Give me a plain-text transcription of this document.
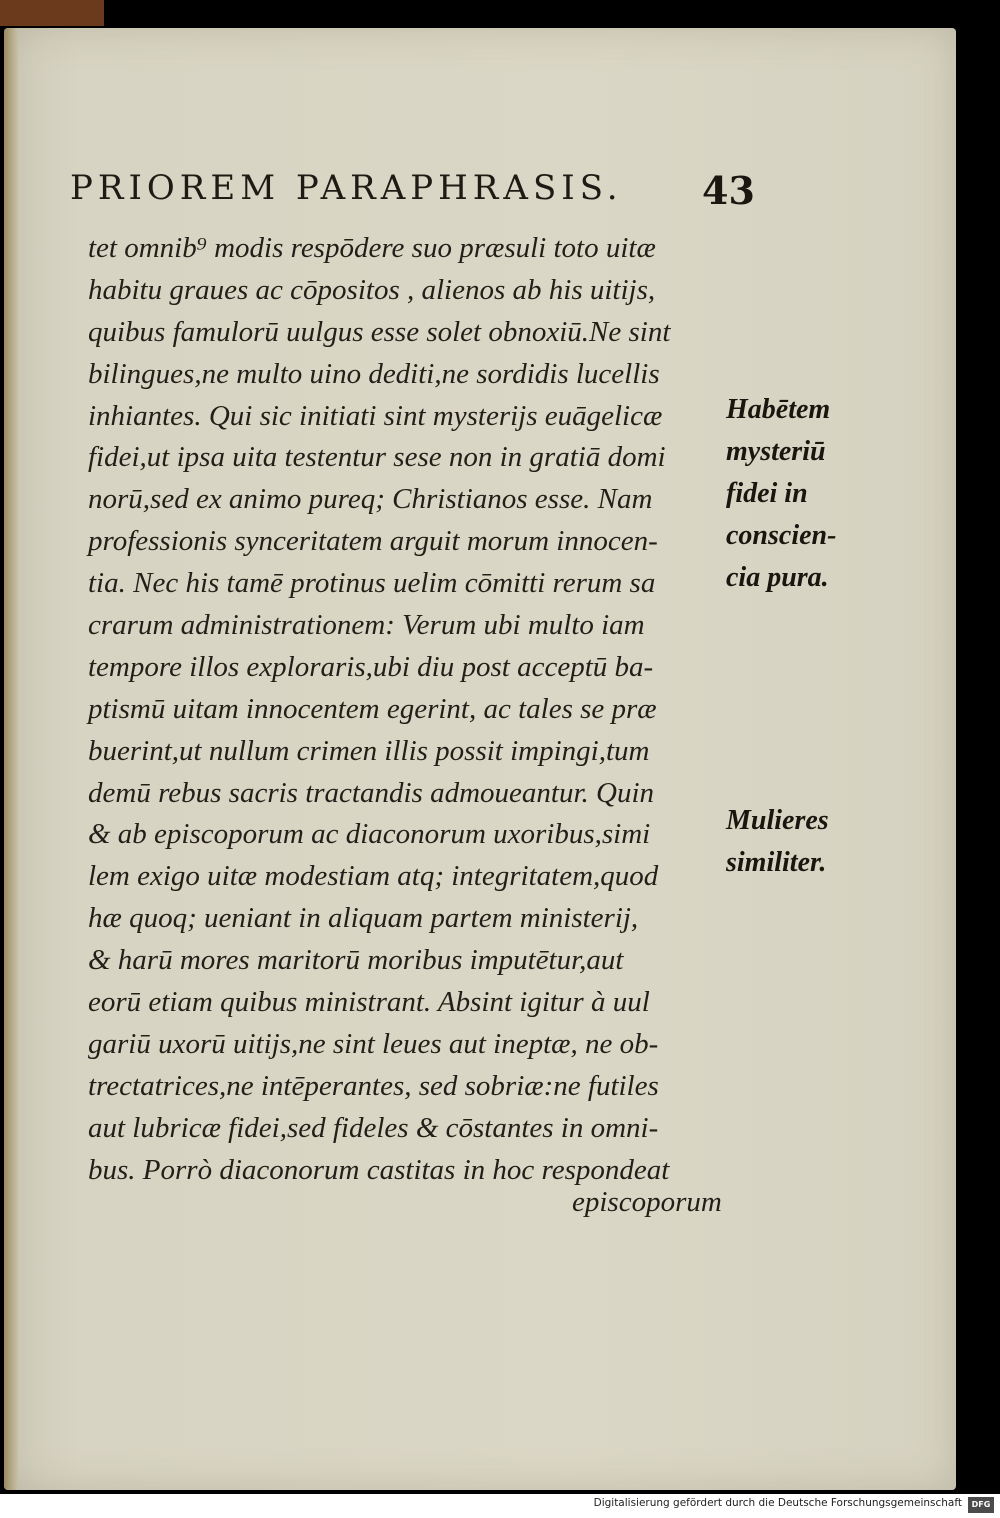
PRIOREM PARAPHRASIS. 43
tet omnib⁹ modis respōdere suo præsuli toto uitæ
habitu graues ac cōpositos , alienos ab his uitijs,
quibus famulorū uulgus esse solet obnoxiū.Ne sint
bilingues,ne multo uino dediti,ne sordidis lucellis
inhiantes. Qui sic initiati sint mysterijs euāgelicæ
fidei,ut ipsa uita testentur sese non in gratiā domi
norū,sed ex animo pureq; Christianos esse. Nam
professionis synceritatem arguit morum innocen-
tia. Nec his tamē protinus uelim cōmitti rerum sa
crarum administrationem: Verum ubi multo iam
tempore illos exploraris,ubi diu post acceptū ba-
ptismū uitam innocentem egerint, ac tales se præ
buerint,ut nullum crimen illis possit impingi,tum
demū rebus sacris tractandis admoueantur. Quin
& ab episcoporum ac diaconorum uxoribus,simi
lem exigo uitæ modestiam atq; integritatem,quod
hæ quoq; ueniant in aliquam partem ministerij,
& harū mores maritorū moribus imputētur,aut
eorū etiam quibus ministrant. Absint igitur à uul
gariū uxorū uitijs,ne sint leues aut ineptæ, ne ob-
trectatrices,ne intēperantes, sed sobriæ:ne futiles
aut lubricæ fidei,sed fideles & cōstantes in omni-
bus. Porrò diaconorum castitas in hoc respondeat
episcoporum
Habētem
mysteriū
fidei in
conscien-
cia pura.
Mulieres
similiter.
Digitalisierung gefördert durch die Deutsche Forschungsgemeinschaft	DFG
